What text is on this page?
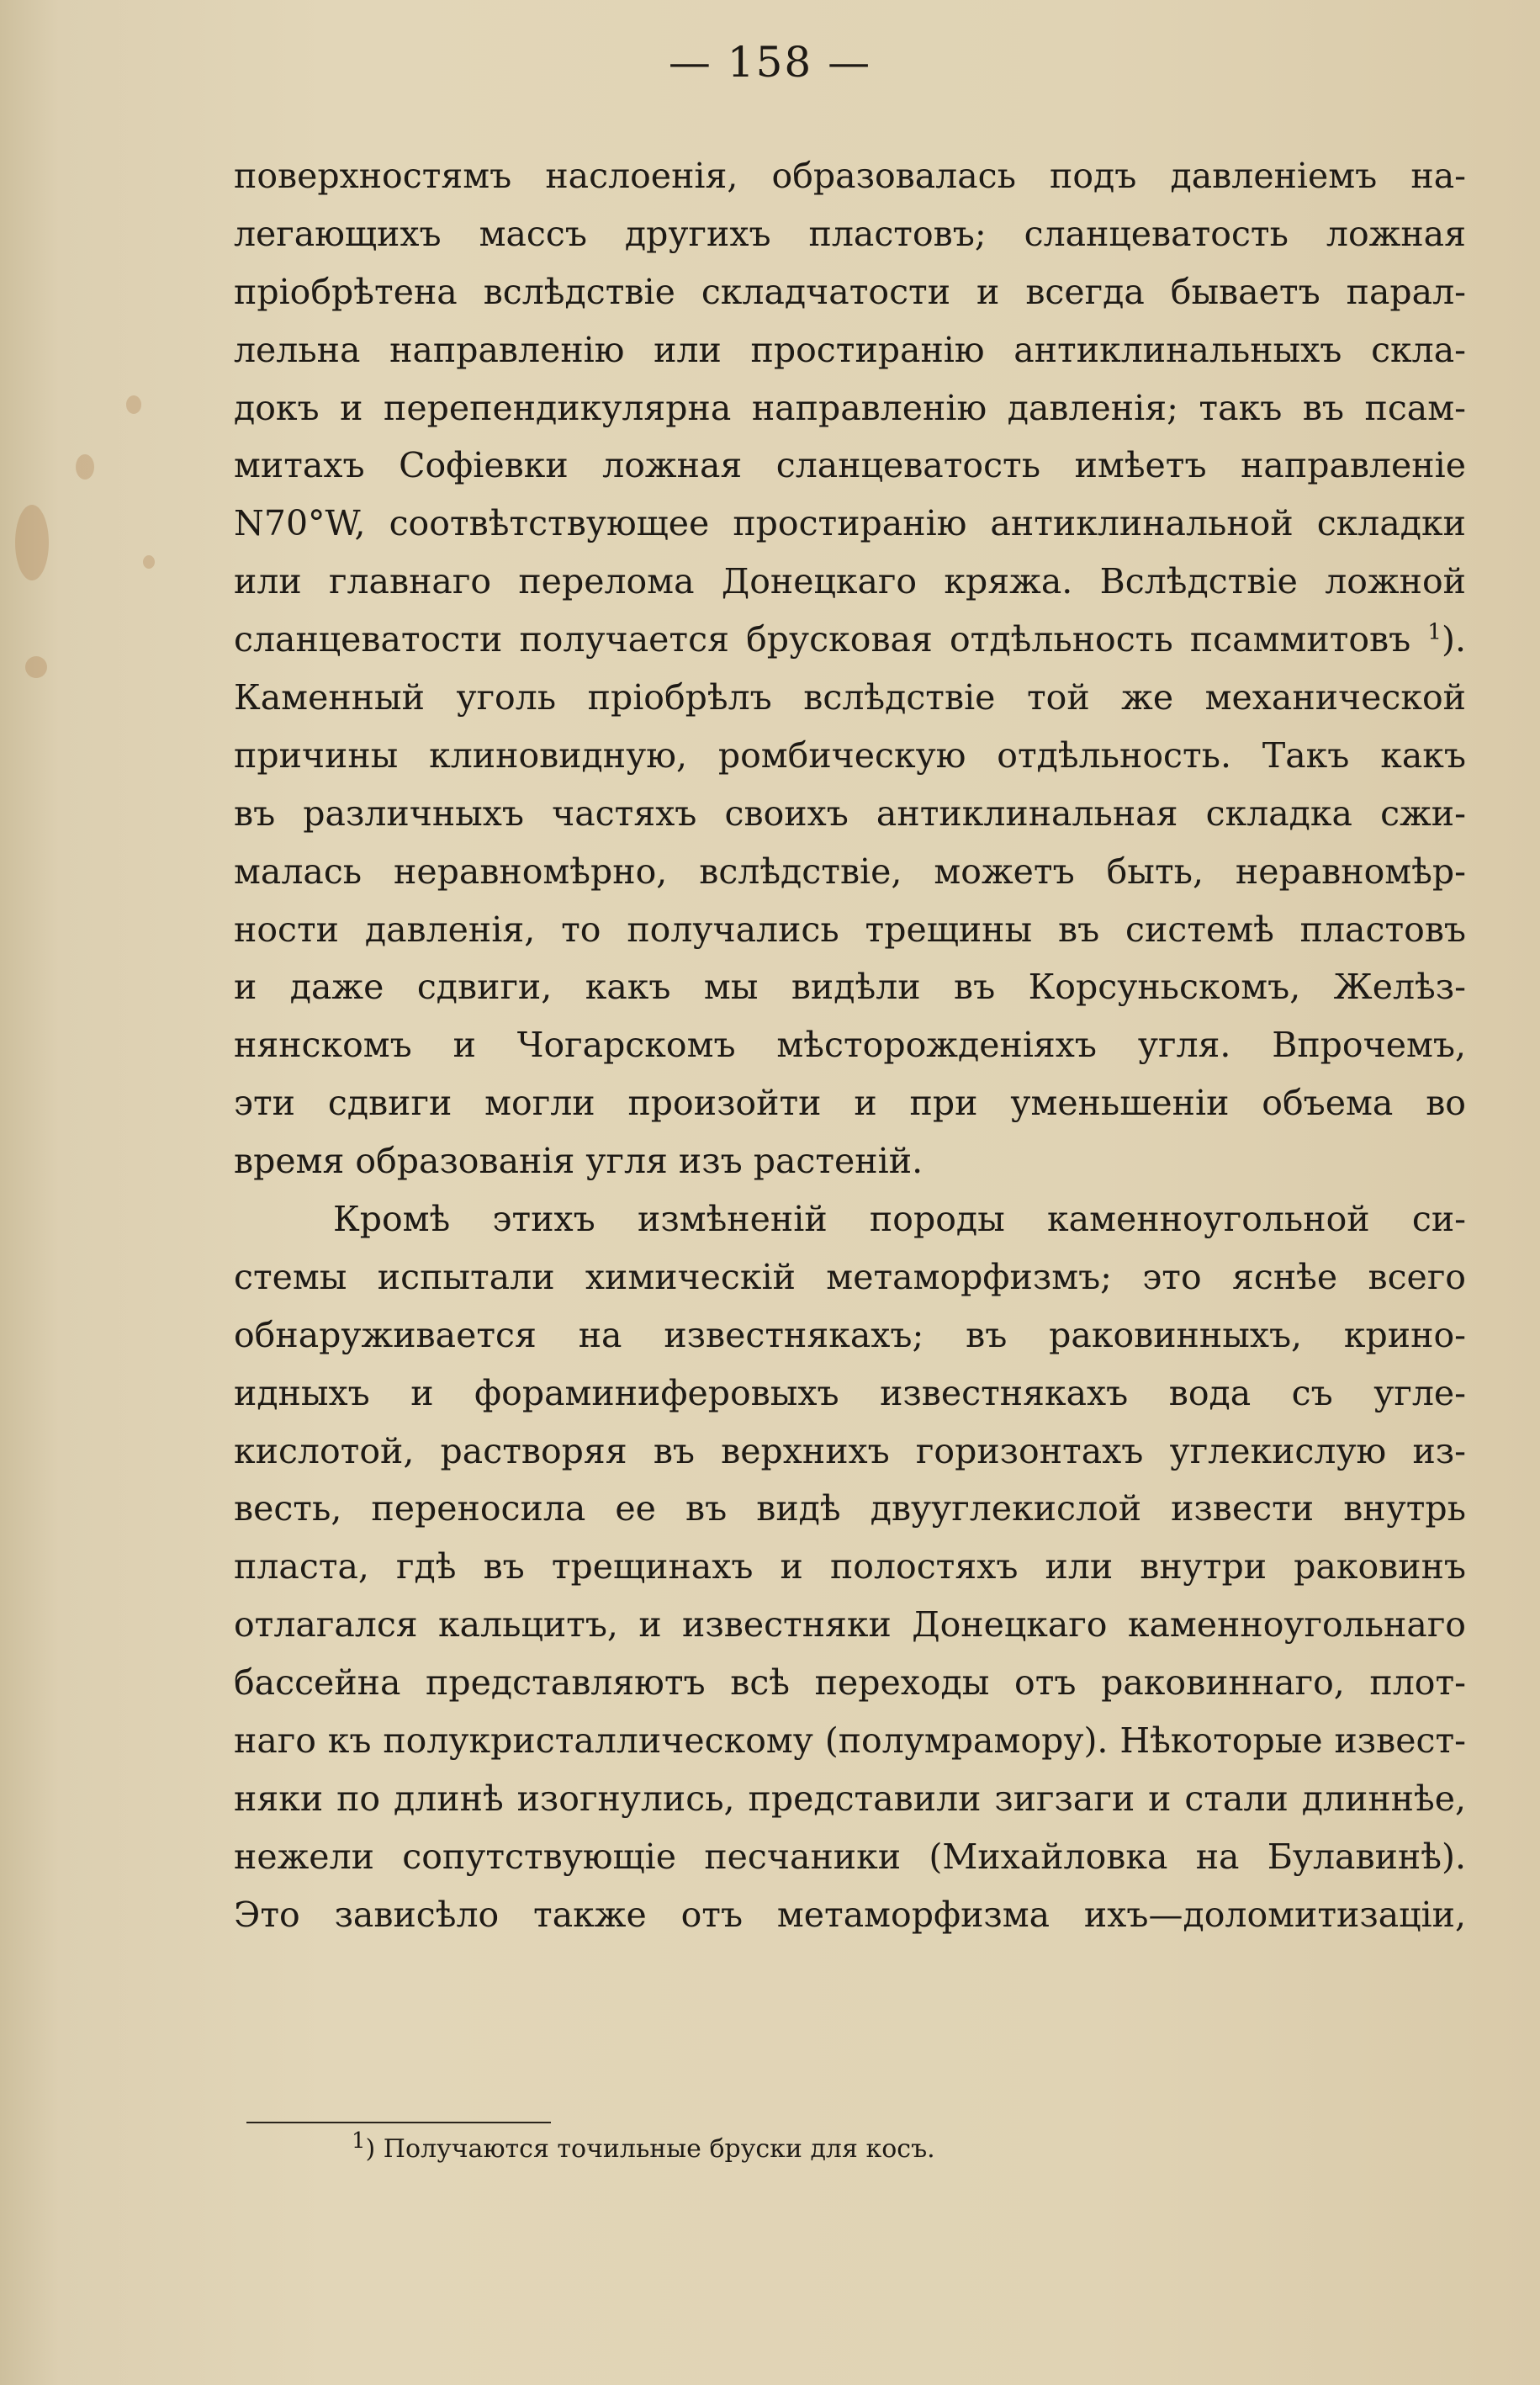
— 158 —
поверхностямъ наслоенія, образовалась подъ давленіемъ на-
легающихъ массъ другихъ пластовъ; сланцеватость ложная
пріобрѣтена вслѣдствіе складчатости и всегда бываетъ парал-
лельна направленію или простиранію антиклинальныхъ скла-
докъ и перепендикулярна направленію давленія; такъ въ псам-
митахъ Софіевки ложная сланцеватость имѣетъ направленіе
N70°W, соотвѣтствующее простиранію антиклинальной складки
или главнаго перелома Донецкаго кряжа. Вслѣдствіе ложной
сланцеватости получается брусковая отдѣльность псаммитовъ $^1$).
Каменный уголь пріобрѣлъ вслѣдствіе той же механической
причины клиновидную, ромбическую отдѣльность. Такъ какъ
въ различныхъ частяхъ своихъ антиклинальная складка сжи-
малась неравномѣрно, вслѣдствіе, можетъ быть, неравномѣр-
ности давленія, то получались трещины въ системѣ пластовъ
и даже сдвиги, какъ мы видѣли въ Корсуньскомъ, Желѣз-
нянскомъ и Чогарскомъ мѣсторожденіяхъ угля. Впрочемъ,
эти сдвиги могли произойти и при уменьшеніи объема во
время образованія угля изъ растеній.
Кромѣ этихъ измѣненій породы каменноугольной си-
стемы испытали химическій метаморфизмъ; это яснѣе всего
обнаруживается на известнякахъ; въ раковинныхъ, крино-
идныхъ и фораминиферовыхъ известнякахъ вода съ угле-
кислотой, растворяя въ верхнихъ горизонтахъ углекислую из-
весть, переносила ее въ видѣ двууглекислой извести внутрь
пласта, гдѣ въ трещинахъ и полостяхъ или внутри раковинъ
отлагался кальцитъ, и известняки Донецкаго каменноугольнаго
бассейна представляютъ всѣ переходы отъ раковиннаго, плот-
наго къ полукристаллическому (полумрамору). Нѣкоторые извест-
няки по длинѣ изогнулись, представили зигзаги и стали длиннѣе,
нежели сопутствующіе песчаники (Михайловка на Булавинѣ).
Это зависѣло также отъ метаморфизма ихъ—доломитизаціи,
$^1$) Получаются точильные бруски для косъ.
